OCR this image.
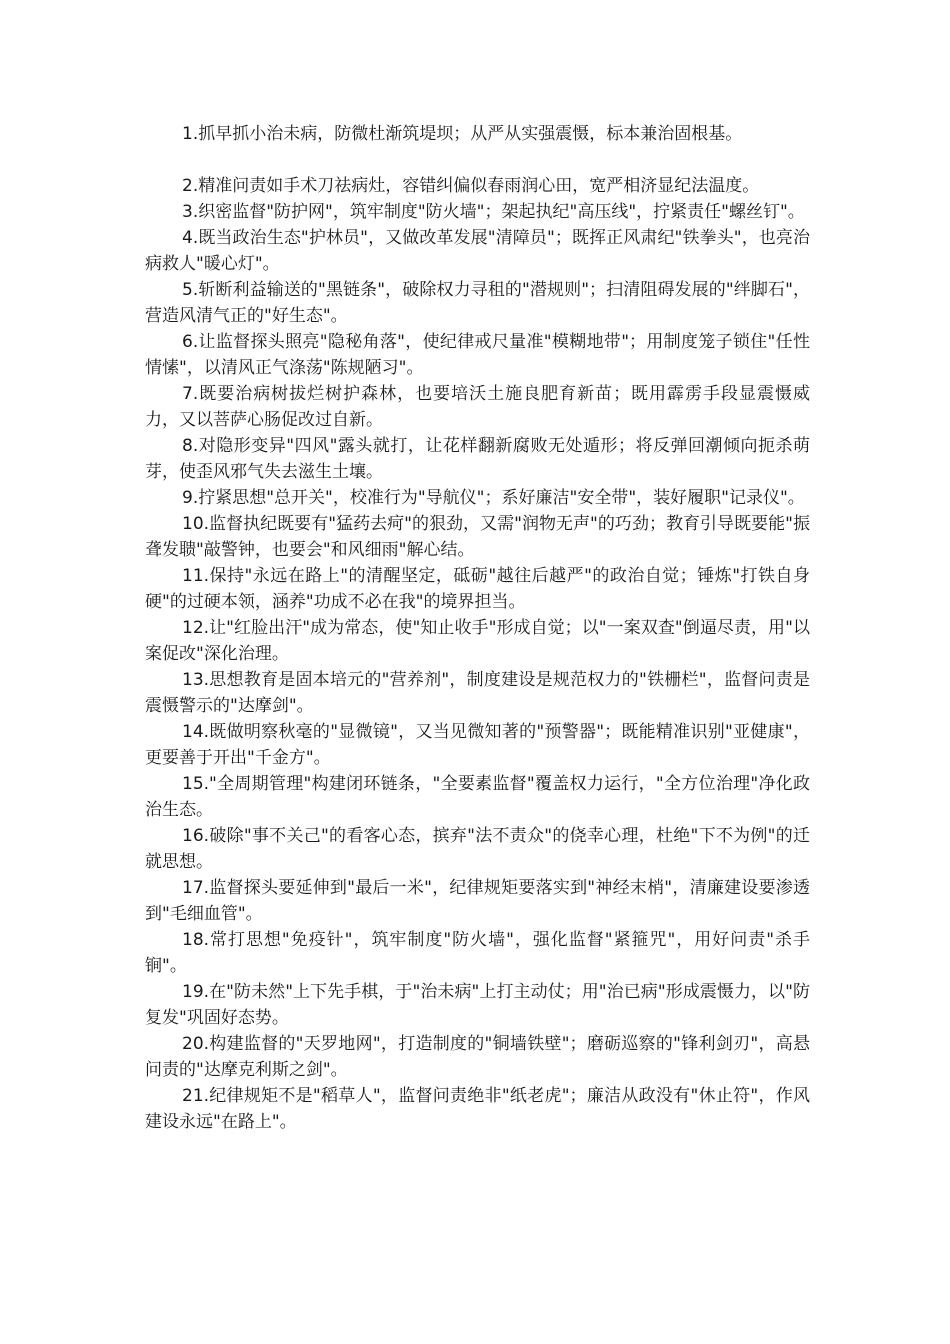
1.抓早抓小治未病，防微杜渐筑堤坝；从严从实强震慑，标本兼治固根基。

2.精准问责如手术刀祛病灶，容错纠偏似春雨润心田，宽严相济显纪法温度。

3.织密监督"防护网"，筑牢制度"防火墙"；架起执纪"高压线"，拧紧责任"螺丝钉"。

4.既当政治生态"护林员"，又做改革发展"清障员"；既挥正风肃纪"铁拳头"，也亮治病救人"暖心灯"。

5.斩断利益输送的"黑链条"，破除权力寻租的"潜规则"；扫清阻碍发展的"绊脚石"，营造风清气正的"好生态"。

6.让监督探头照亮"隐秘角落"，使纪律戒尺量准"模糊地带"；用制度笼子锁住"任性情愫"，以清风正气涤荡"陈规陋习"。

7.既要治病树拔烂树护森林，也要培沃土施良肥育新苗；既用霹雳手段显震慑威力，又以菩萨心肠促改过自新。

8.对隐形变异"四风"露头就打，让花样翻新腐败无处遁形；将反弹回潮倾向扼杀萌芽，使歪风邪气失去滋生土壤。

9.拧紧思想"总开关"，校准行为"导航仪"；系好廉洁"安全带"，装好履职"记录仪"。

10.监督执纪既要有"猛药去疴"的狠劲，又需"润物无声"的巧劲；教育引导既要能"振聋发聩"敲警钟，也要会"和风细雨"解心结。

11.保持"永远在路上"的清醒坚定，砥砺"越往后越严"的政治自觉；锤炼"打铁自身硬"的过硬本领，涵养"功成不必在我"的境界担当。

12.让"红脸出汗"成为常态，使"知止收手"形成自觉；以"一案双查"倒逼尽责，用"以案促改"深化治理。

13.思想教育是固本培元的"营养剂"，制度建设是规范权力的"铁栅栏"，监督问责是震慑警示的"达摩剑"。

14.既做明察秋毫的"显微镜"，又当见微知著的"预警器"；既能精准识别"亚健康"，更要善于开出"千金方"。

15."全周期管理"构建闭环链条，"全要素监督"覆盖权力运行，"全方位治理"净化政治生态。

16.破除"事不关己"的看客心态，摈弃"法不责众"的侥幸心理，杜绝"下不为例"的迁就思想。

17.监督探头要延伸到"最后一米"，纪律规矩要落实到"神经末梢"，清廉建设要渗透到"毛细血管"。

18.常打思想"免疫针"，筑牢制度"防火墙"，强化监督"紧箍咒"，用好问责"杀手锏"。

19.在"防未然"上下先手棋，于"治未病"上打主动仗；用"治已病"形成震慑力，以"防复发"巩固好态势。

20.构建监督的"天罗地网"，打造制度的"铜墙铁壁"；磨砺巡察的"锋利剑刃"，高悬问责的"达摩克利斯之剑"。

21.纪律规矩不是"稻草人"，监督问责绝非"纸老虎"；廉洁从政没有"休止符"，作风建设永远"在路上"。
